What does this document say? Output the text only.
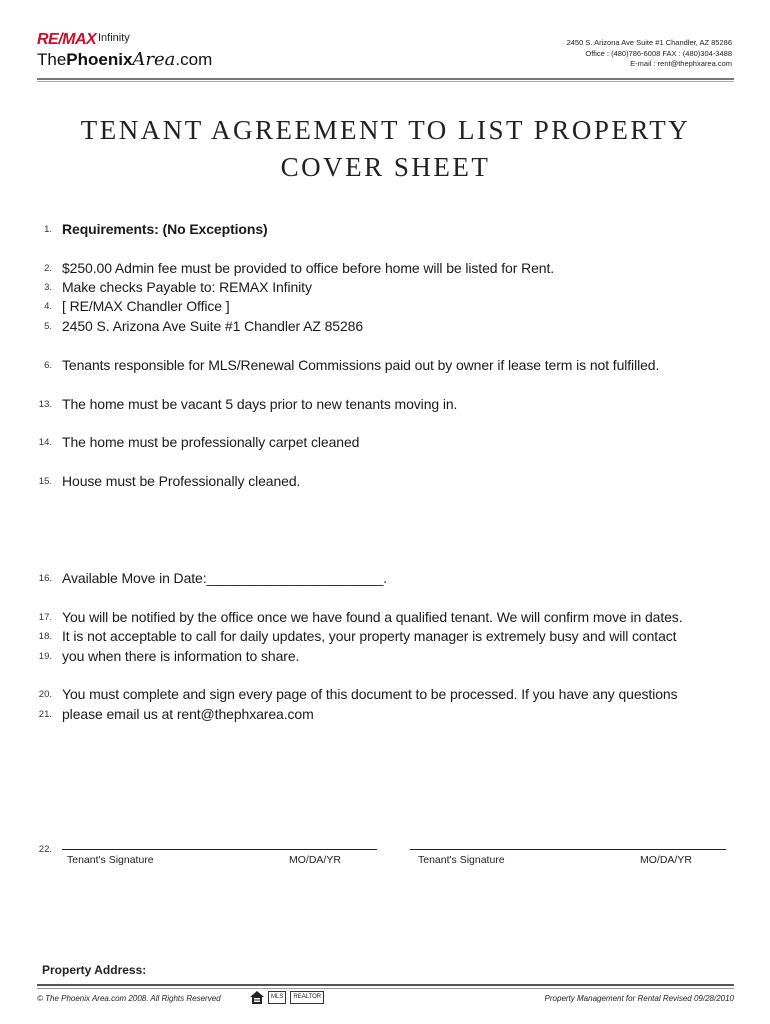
RE/MAX Infinity
ThePhoenixArea.com
2450 S. Arizona Ave Suite #1 Chandler, AZ 85286
Office : (480)786-6008 FAX : (480)304-3488
E-mail : rent@thephxarea.com
TENANT AGREEMENT TO LIST PROPERTY
COVER SHEET
1. Requirements: (No Exceptions)
2. $250.00 Admin fee must be provided to office before home will be listed for Rent.
3. Make checks Payable to: REMAX Infinity
4. [ RE/MAX Chandler Office ]
5. 2450 S. Arizona Ave Suite #1 Chandler AZ 85286
6. Tenants responsible for MLS/Renewal Commissions paid out by owner if lease term is not fulfilled.
13. The home must be vacant 5 days prior to new tenants moving in.
14. The home must be professionally carpet cleaned
15. House must be Professionally cleaned.
16. Available Move in Date:_______________________.
17. You will be notified by the office once we have found a qualified tenant. We will confirm move in dates.
18. It is not acceptable to call for daily updates, your property manager is extremely busy and will contact
19. you when there is information to share.
20. You must complete and sign every page of this document to be processed. If you have any questions
21. please email us at rent@thephxarea.com
22.
Tenant's Signature	MO/DA/YR	Tenant's Signature	MO/DA/YR
Property Address:
© The Phoenix Area.com 2008. All Rights Reserved	MLS	REALTOR	Property Management for Rental Revised 09/28/2010
